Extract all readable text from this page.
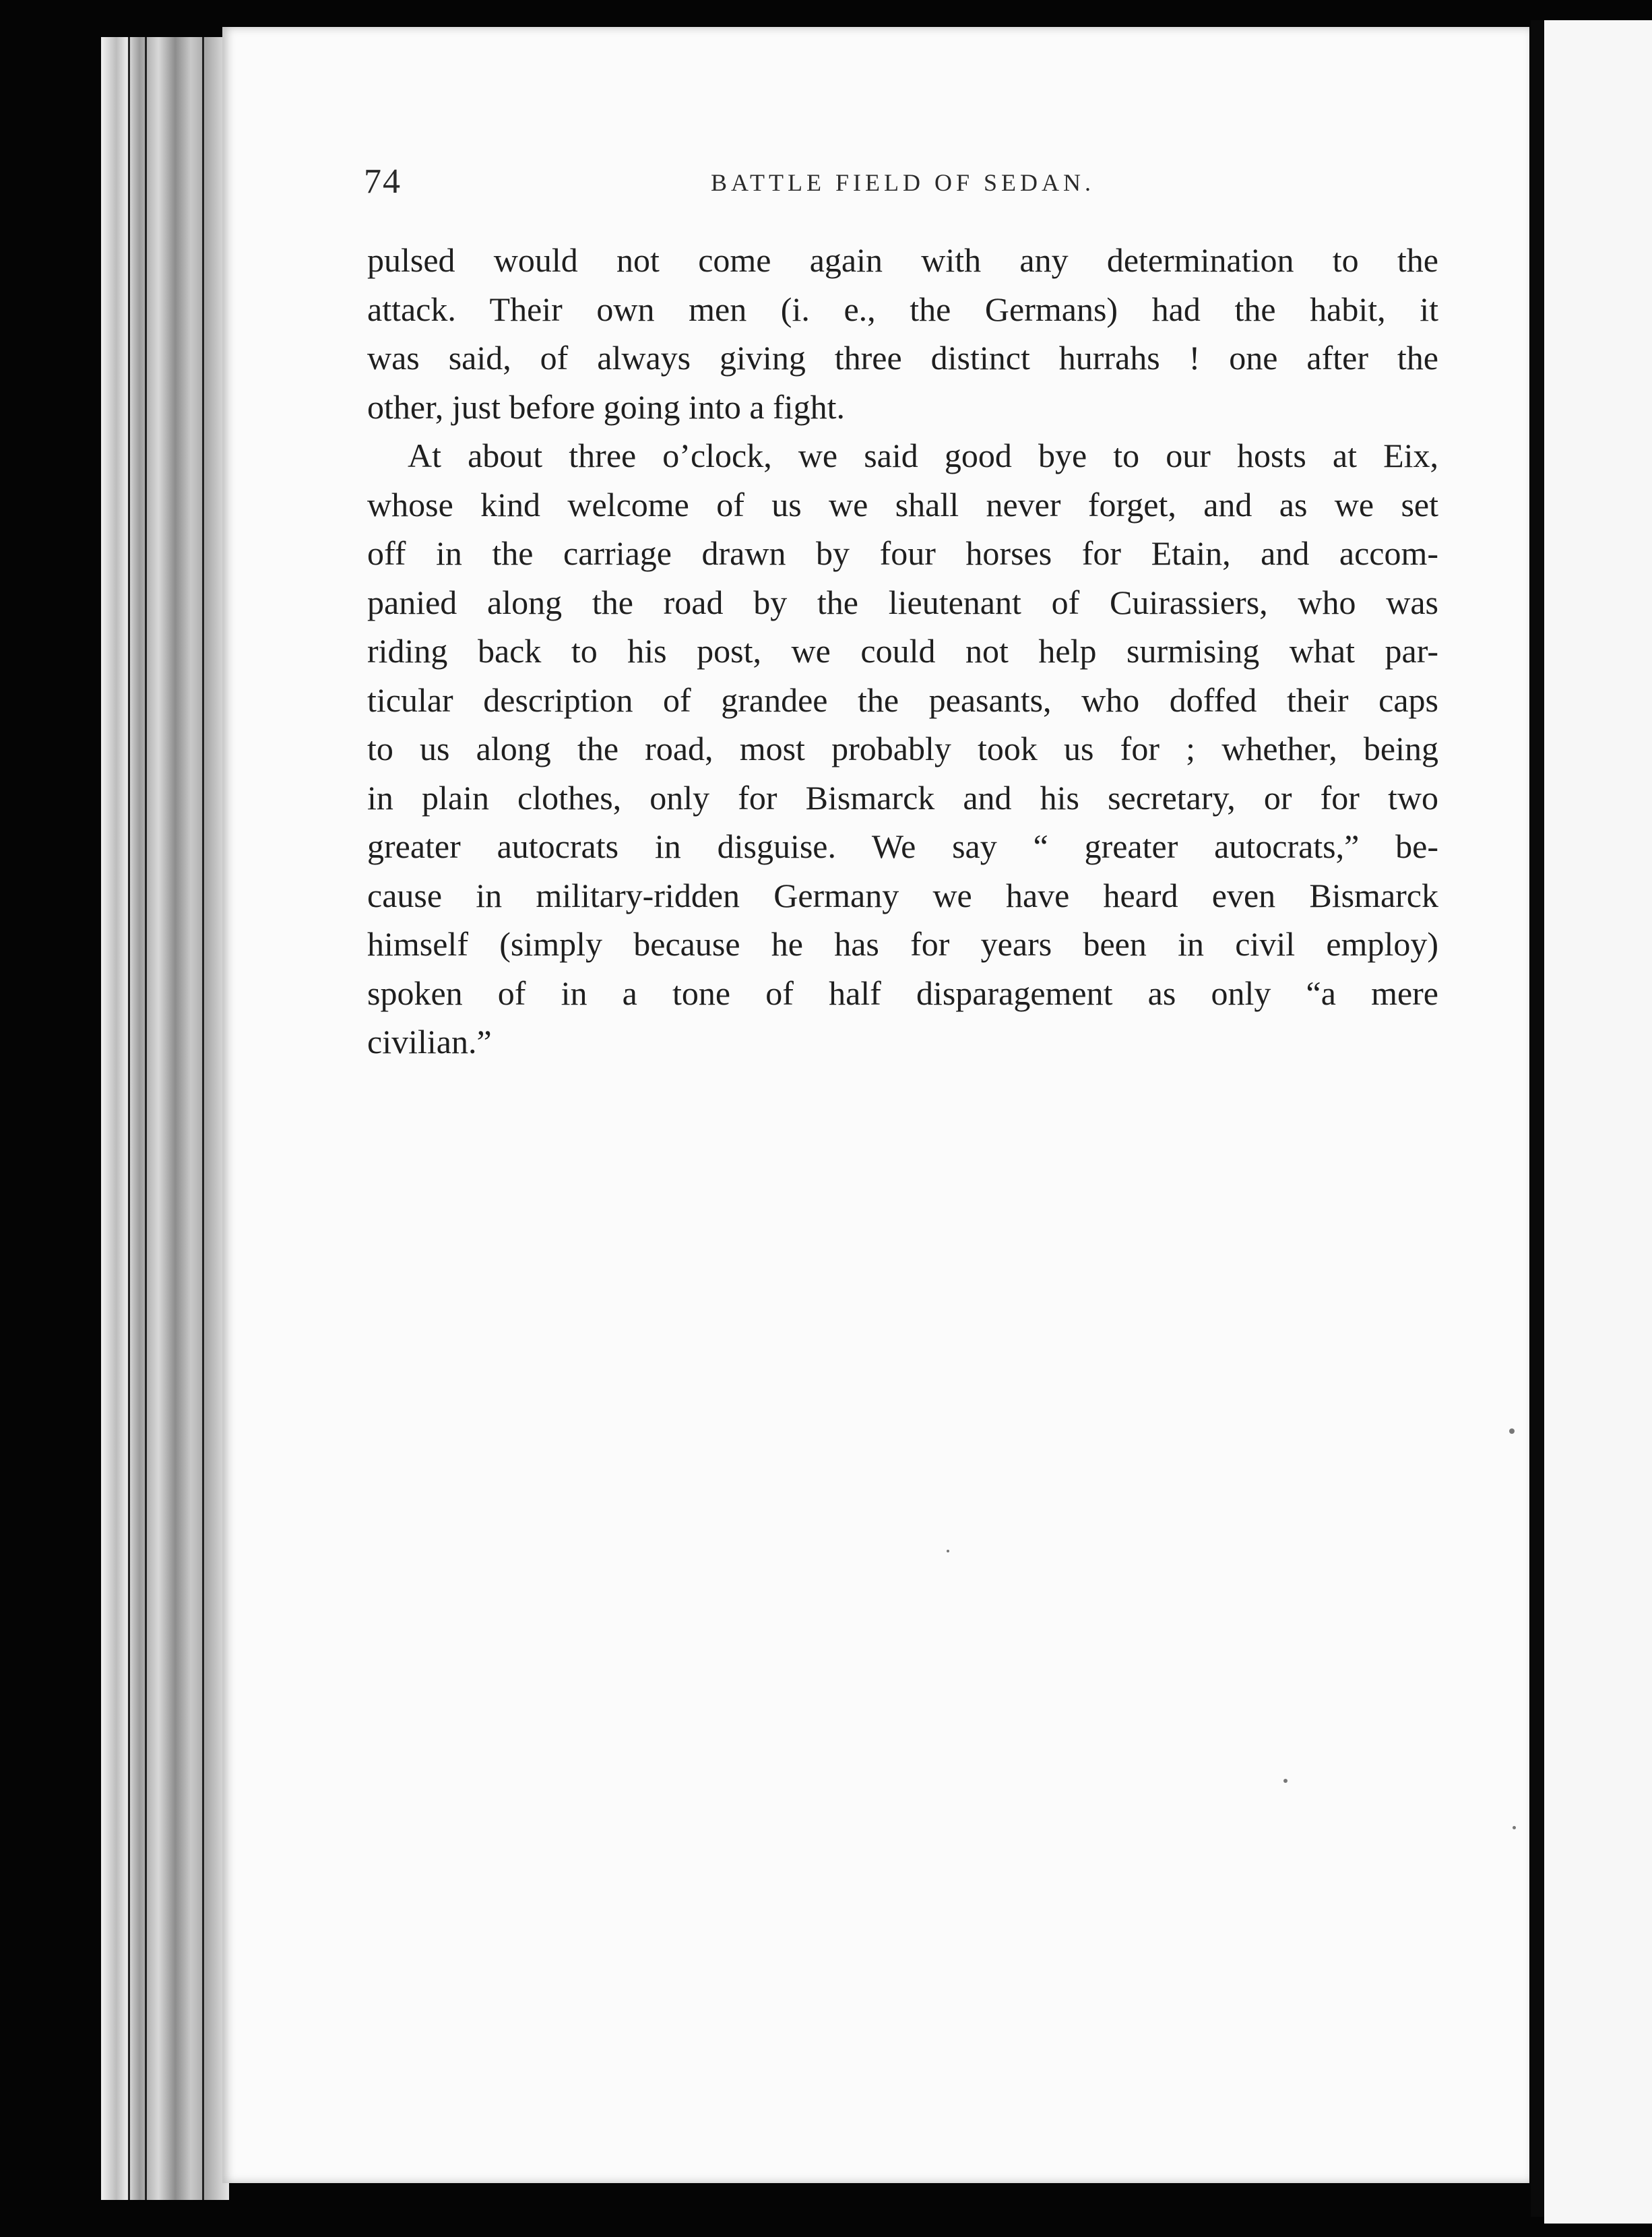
74	BATTLE FIELD OF SEDAN.
pulsed would not come again with any determination to the
attack. Their own men (i. e., the Germans) had the habit, it
was said, of always giving three distinct hurrahs ! one after the
other, just before going into a fight.
At about three o’clock, we said good bye to our hosts at Eix,
whose kind welcome of us we shall never forget, and as we set
off in the carriage drawn by four horses for Etain, and accom-
panied along the road by the lieutenant of Cuirassiers, who was
riding back to his post, we could not help surmising what par-
ticular description of grandee the peasants, who doffed their caps
to us along the road, most probably took us for ; whether, being
in plain clothes, only for Bismarck and his secretary, or for two
greater autocrats in disguise. We say “ greater autocrats,” be-
cause in military-ridden Germany we have heard even Bismarck
himself (simply because he has for years been in civil employ)
spoken of in a tone of half disparagement as only “a mere
civilian.”
